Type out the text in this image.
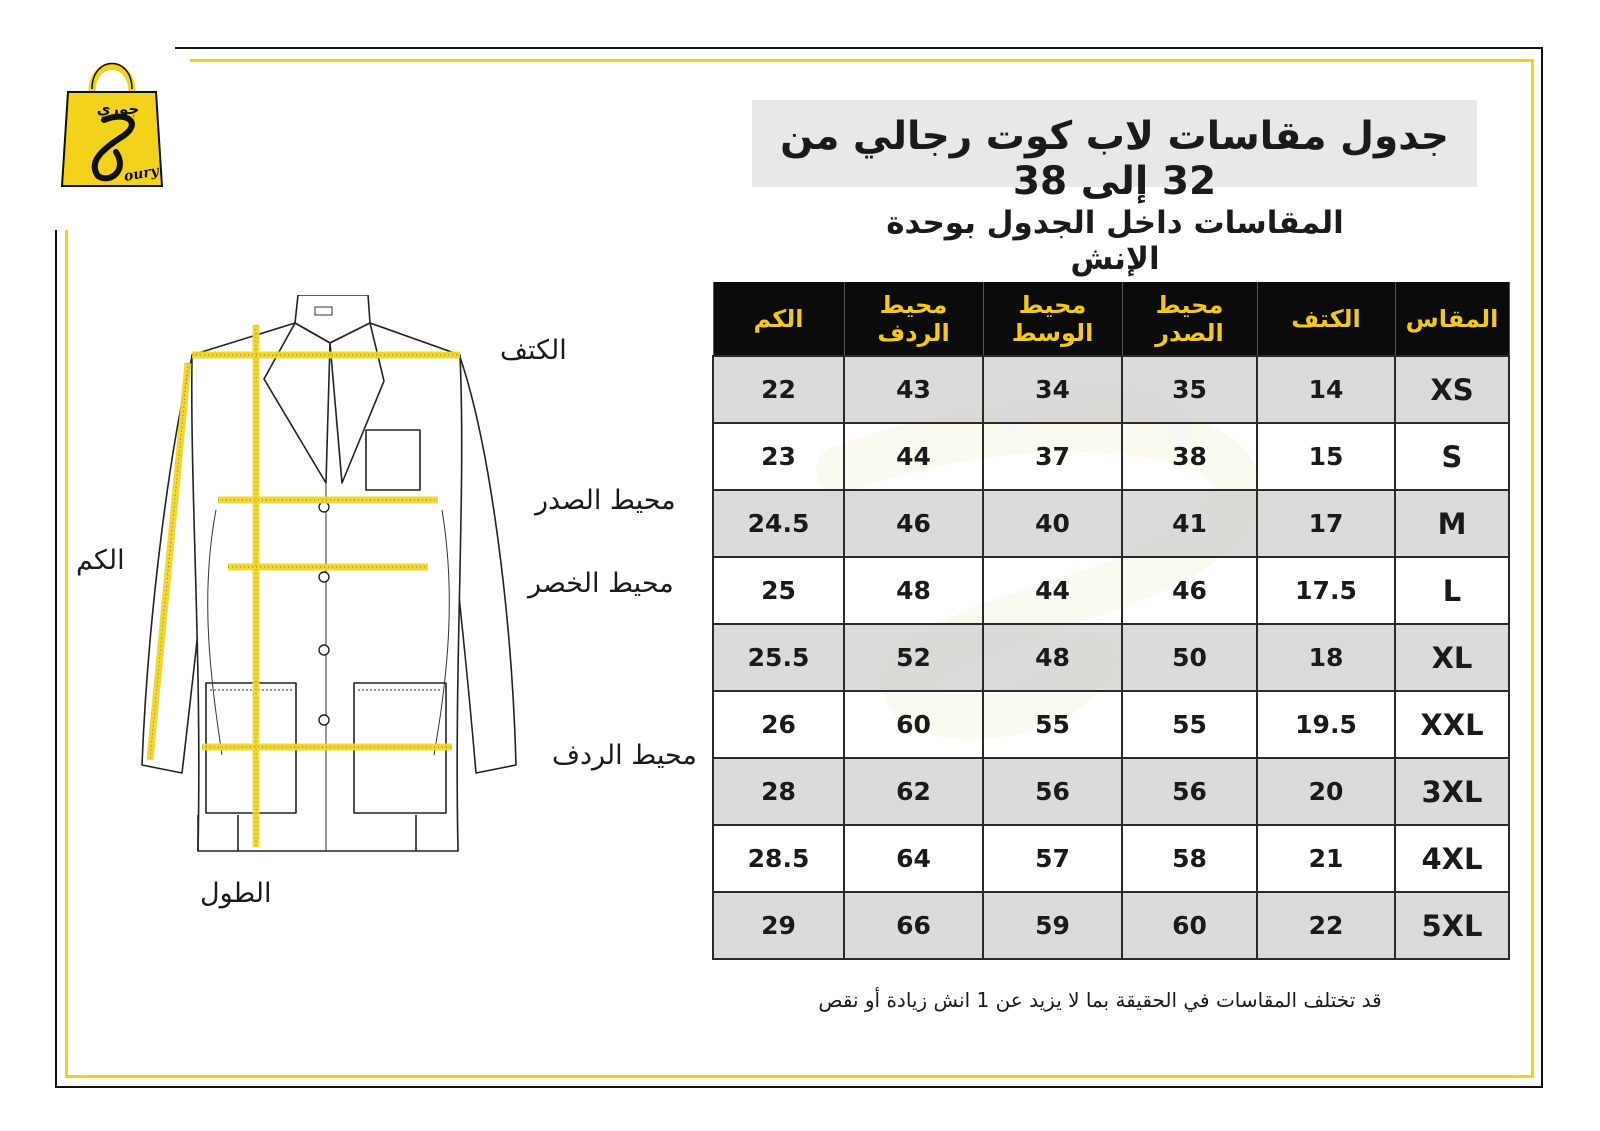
جوري
oury
جدول مقاسات لاب كوت رجالي من 32 إلى 38
المقاسات داخل الجدول بوحدة الإنش
المقاس	الكتف	محيط الصدر	محيط الوسط	محيط الردف	الكم
XS	14	35	34	43	22
S	15	38	37	44	23
M	17	41	40	46	24.5
L	17.5	46	44	48	25
XL	18	50	48	52	25.5
XXL	19.5	55	55	60	26
3XL	20	56	56	62	28
4XL	21	58	57	64	28.5
5XL	22	60	59	66	29
قد تختلف المقاسات في الحقيقة بما لا يزيد عن 1 انش زيادة أو نقص
الكتف
محيط الصدر
محيط الخصر
محيط الردف
الكم
الطول
